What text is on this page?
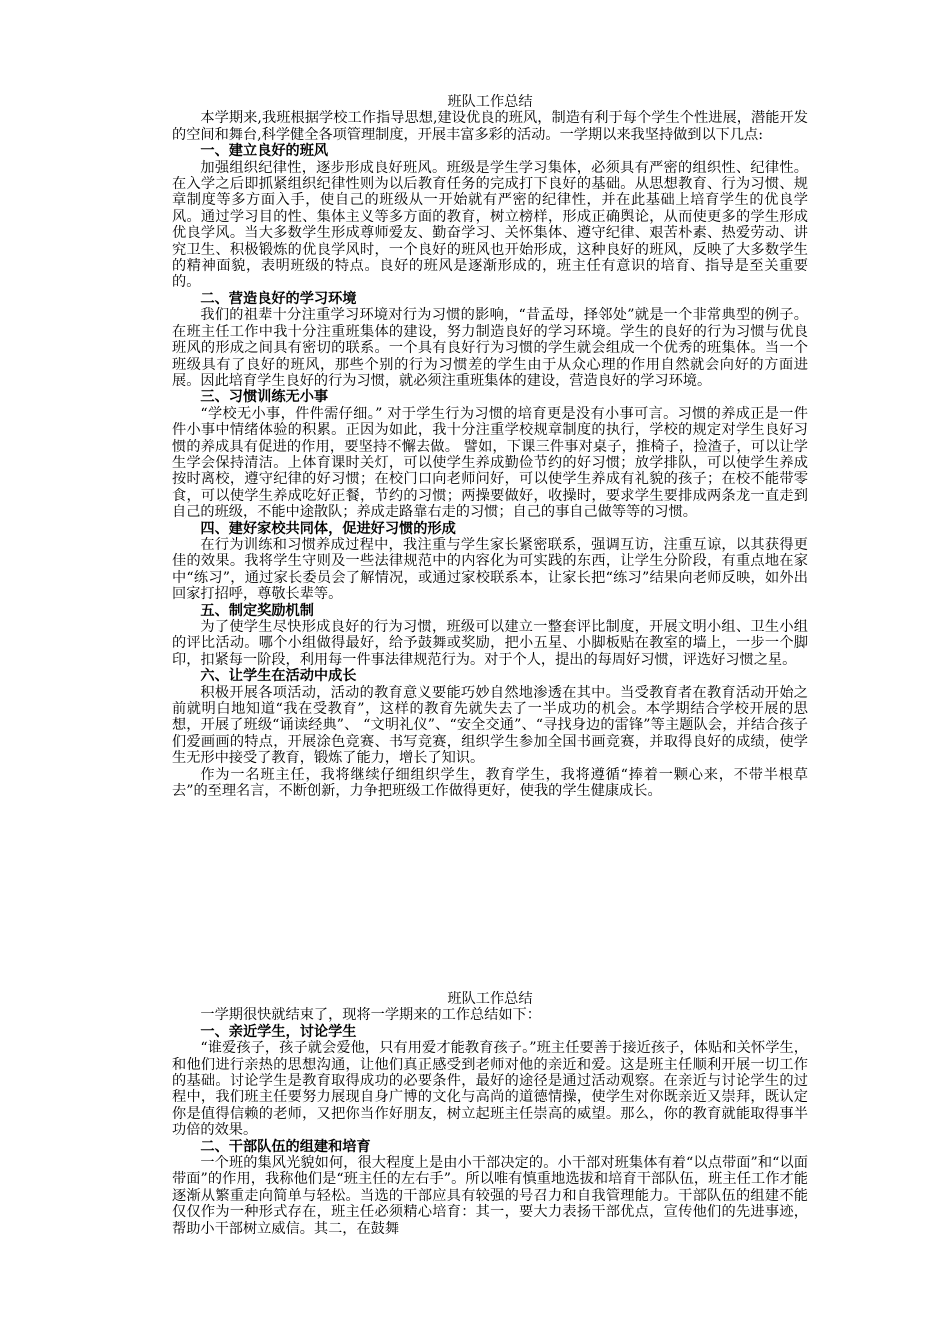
班队工作总结

本学期来,我班根据学校工作指导思想,建设优良的班风，制造有利于每个学生个性进展，潜能开发的空间和舞台,科学健全各项管理制度，开展丰富多彩的活动。一学期以来我坚持做到以下几点:

一、建立良好的班风

加强组织纪律性，逐步形成良好班风。班级是学生学习集体，必须具有严密的组织性、纪律性。在入学之后即抓紧组织纪律性则为以后教育任务的完成打下良好的基础。从思想教育、行为习惯、规章制度等多方面入手，使自己的班级从一开始就有严密的纪律性，并在此基础上培育学生的优良学风。通过学习目的性、集体主义等多方面的教育，树立榜样，形成正确舆论，从而使更多的学生形成优良学风。当大多数学生形成尊师爱友、勤奋学习、关怀集体、遵守纪律、艰苦朴素、热爱劳动、讲究卫生、积极锻炼的优良学风时，一个良好的班风也开始形成，这种良好的班风，反映了大多数学生的精神面貌，表明班级的特点。良好的班风是逐渐形成的，班主任有意识的培育、指导是至关重要的。

二、营造良好的学习环境

我们的祖辈十分注重学习环境对行为习惯的影响，“昔孟母，择邻处”就是一个非常典型的例子。在班主任工作中我十分注重班集体的建设，努力制造良好的学习环境。学生的良好的行为习惯与优良班风的形成之间具有密切的联系。一个具有良好行为习惯的学生就会组成一个优秀的班集体。当一个班级具有了良好的班风，那些个别的行为习惯差的学生由于从众心理的作用自然就会向好的方面进展。因此培育学生良好的行为习惯，就必须注重班集体的建设，营造良好的学习环境。

三、习惯训练无小事

“学校无小事，件件需仔细。” 对于学生行为习惯的培育更是没有小事可言。习惯的养成正是一件件小事中情绪体验的积累。正因为如此，我十分注重学校规章制度的执行，学校的规定对学生良好习惯的养成具有促进的作用，要坚持不懈去做。 譬如，下课三件事对桌子，推椅子，捡渣子，可以让学生学会保持清洁。上体育课时关灯，可以使学生养成勤俭节约的好习惯；放学排队，可以使学生养成按时离校，遵守纪律的好习惯；在校门口向老师问好，可以使学生养成有礼貌的孩子；在校不能带零食，可以使学生养成吃好正餐，节约的习惯；两操要做好，收操时，要求学生要排成两条龙一直走到自己的班级，不能中途散队；养成走路靠右走的习惯；自己的事自己做等等的习惯。

四、建好家校共同体，促进好习惯的形成

在行为训练和习惯养成过程中，我注重与学生家长紧密联系，强调互访，注重互谅，以其获得更佳的效果。我将学生守则及一些法律规范中的内容化为可实践的东西，让学生分阶段，有重点地在家中“练习”，通过家长委员会了解情况，或通过家校联系本，让家长把“练习”结果向老师反映，如外出回家打招呼，尊敬长辈等。

五、制定奖励机制

为了使学生尽快形成良好的行为习惯，班级可以建立一整套评比制度，开展文明小组、卫生小组的评比活动。哪个小组做得最好，给予鼓舞或奖励，把小五星、小脚板贴在教室的墙上，一步一个脚印，扣紧每一阶段，利用每一件事法律规范行为。对于个人，提出的每周好习惯，评选好习惯之星。

六、让学生在活动中成长

积极开展各项活动，活动的教育意义要能巧妙自然地渗透在其中。当受教育者在教育活动开始之前就明白地知道“我在受教育”，这样的教育先就失去了一半成功的机会。本学期结合学校开展的思想，开展了班级“诵读经典”、 “文明礼仪”、“安全交通”、“寻找身边的雷锋”等主题队会，并结合孩子们爱画画的特点，开展涂色竞赛、书写竞赛，组织学生参加全国书画竞赛，并取得良好的成绩，使学生无形中接受了教育，锻炼了能力，增长了知识。

作为一名班主任，我将继续仔细组织学生，教育学生，我将遵循“捧着一颗心来，不带半根草去”的至理名言，不断创新，力争把班级工作做得更好，使我的学生健康成长。

班队工作总结

一学期很快就结束了，现将一学期来的工作总结如下：

一、亲近学生，讨论学生

“谁爱孩子，孩子就会爱他，只有用爱才能教育孩子。”班主任要善于接近孩子，体贴和关怀学生，和他们进行亲热的思想沟通，让他们真正感受到老师对他的亲近和爱。这是班主任顺利开展一切工作的基础。讨论学生是教育取得成功的必要条件，最好的途径是通过活动观察。在亲近与讨论学生的过程中，我们班主任要努力展现自身广博的文化与高尚的道德情操，使学生对你既亲近又崇拜，既认定你是值得信赖的老师，又把你当作好朋友，树立起班主任崇高的威望。那么，你的教育就能取得事半功倍的效果。

二、干部队伍的组建和培育

一个班的集风光貌如何，很大程度上是由小干部决定的。小干部对班集体有着“以点带面”和“以面带面”的作用，我称他们是“班主任的左右手”。所以唯有慎重地选拔和培育干部队伍，班主任工作才能逐渐从繁重走向简单与轻松。当选的干部应具有较强的号召力和自我管理能力。干部队伍的组建不能仅仅作为一种形式存在，班主任必须精心培育：其一，要大力表扬干部优点，宣传他们的先进事迹，帮助小干部树立威信。其二，在鼓舞
